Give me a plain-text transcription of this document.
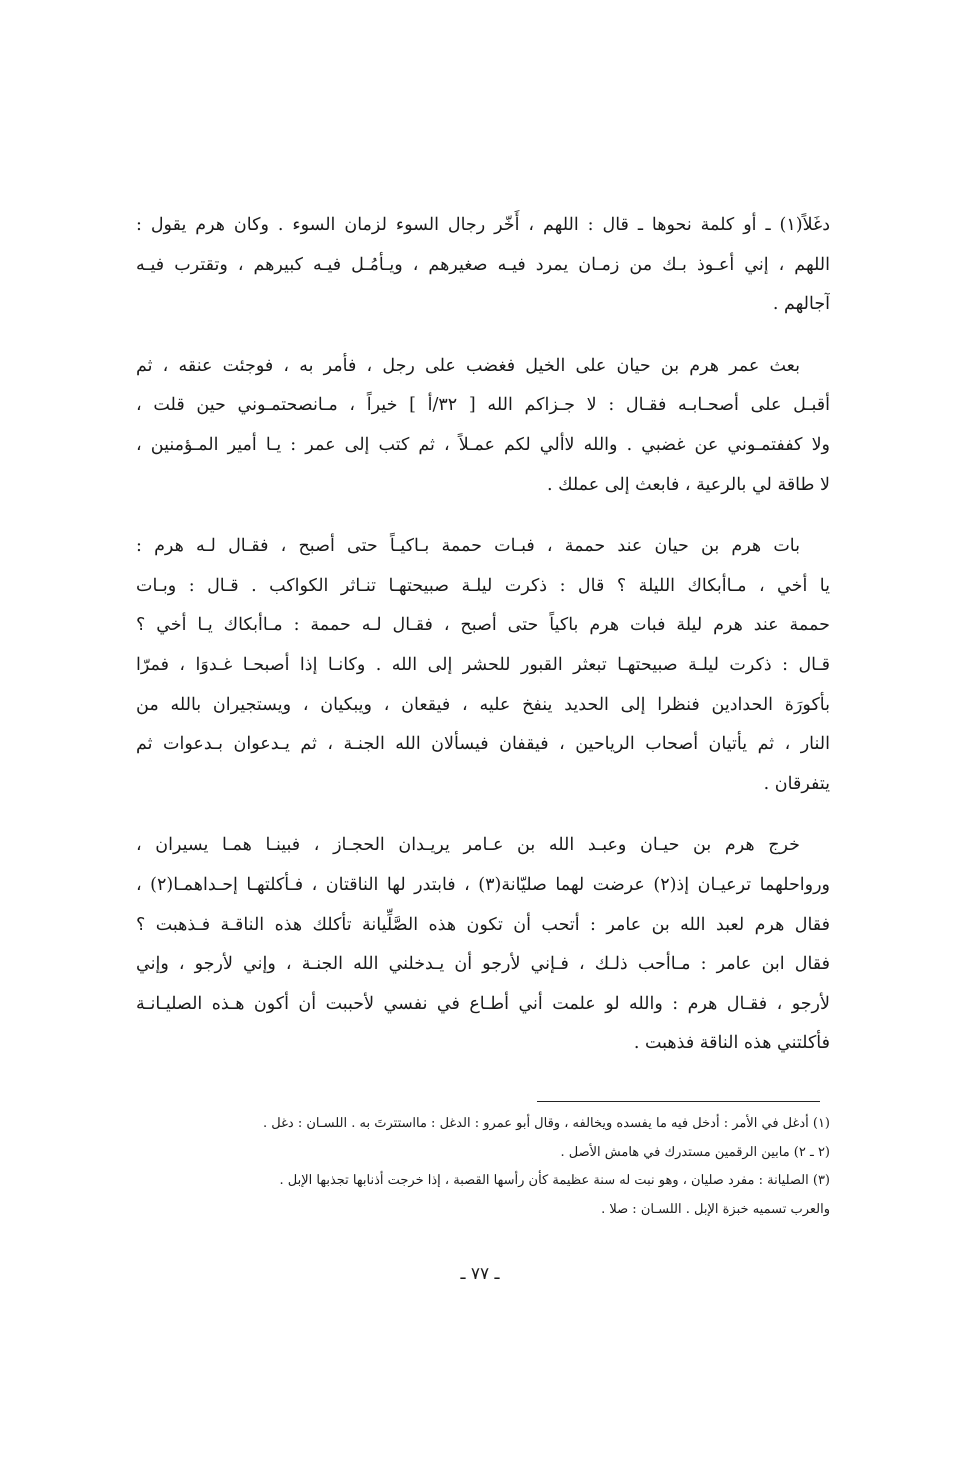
دغَلاً(١) ـ أو كلمة نحوها ـ قال : اللهم ، أَخّر رجال السوء لزمان السوء . وكان هرم يقول :
اللهم ، إني أعـوذ بـك من زمـان يمرد فيـه صغيرهم ، ويـأمُـل فيـه كبيرهم ، وتقترب فيـه
آجالهم .

بعث عمر هرم بن حيان على الخيل فغضب على رجل ، فأمر به ، فوجئت عنقه ، ثم
أقبـل على أصحـابـه فقـال : لا جـزاكم الله [ ٣٢/أ ] خيراً ، مـانصحتمـوني حين قلت ،
ولا كففتمـوني عن غضبي . والله لاألي لكم عمـلاً ، ثم كتب إلى عمر : يـا أمير المـؤمنين ،
لا طاقة لي بالرعية ، فابعث إلى عملك .

بات هرم بن حيان عند حممة ، فبـات حممة بـاكيـاً حتى أصبح ، فقـال لـه هرم :
يا أخي ، مـاأبكاك الليلة ؟ قال : ذكرت ليلـة صبيحتهـا تنـاثر الكواكب . قـال : وبـات
حممة عند هرم ليلة فبات هرم باكياً حتى أصبح ، فقـال لـه حممة : مـاأبكاك يـا أخي ؟
قـال : ذكرت ليلـة صبيحتهـا تبعثر القبور للحشر إلى الله . وكانـا إذا أصبحـا غـدوَا ، فمرّا
بأكورَة الحدادين فنظرا إلى الحديد ينفخ عليه ، فيقعان ، ويبكيان ، ويستجيران بالله من
النار ، ثم يأتيان أصحاب الرياحين ، فيقفان فيسألان الله الجنـة ، ثم يـدعوان بـدعوات ثم
يتفرقان .

خرج هرم بن حيـان وعبـد الله بن عـامر يريـدان الحجـاز ، فبينـا همـا يسيران ،
ورواحلهما ترعيـان إذ(٢) عرضت لهما صليّانة(٣) ، فابتدر لها الناقتان ، فـأكلتهـا إحـداهمـا(٢) ،
فقال هرم لعبد الله بن عامر : أتحب أن تكون هذه الصَّلِّيانة تأكلك هذه الناقـة فـذهبت ؟
فقال ابن عامر : مـاأحب ذلـك ، فـإني لأرجو أن يـدخلني الله الجنـة ، وإني لأرجو ، وإني
لأرجو ، فقـال هرم : والله لو علمت أني أطـاع في نفسي لأحببت أن أكون هـذه الصليـانـة
فأكلتني هذه الناقة فذهبت .

(١) أدغل في الأمر : أدخل فيه ما يفسده ويخالفه ، وقال أبو عمرو : الدغل : مااستترتَ به . اللسـان : دغل .
(٢ ـ ٢) مابين الرقمين مستدرك في هامش الأصل .
(٣) الصليانة : مفرد صليان ، وهو نبت له سنة عظيمة كأن رأسها القصبة ، إذا خرجت أذنابها تجذبها الإبل .
والعرب تسميه خبزة الإبل . اللسـان : صلا .
ـ ٧٧ ـ
